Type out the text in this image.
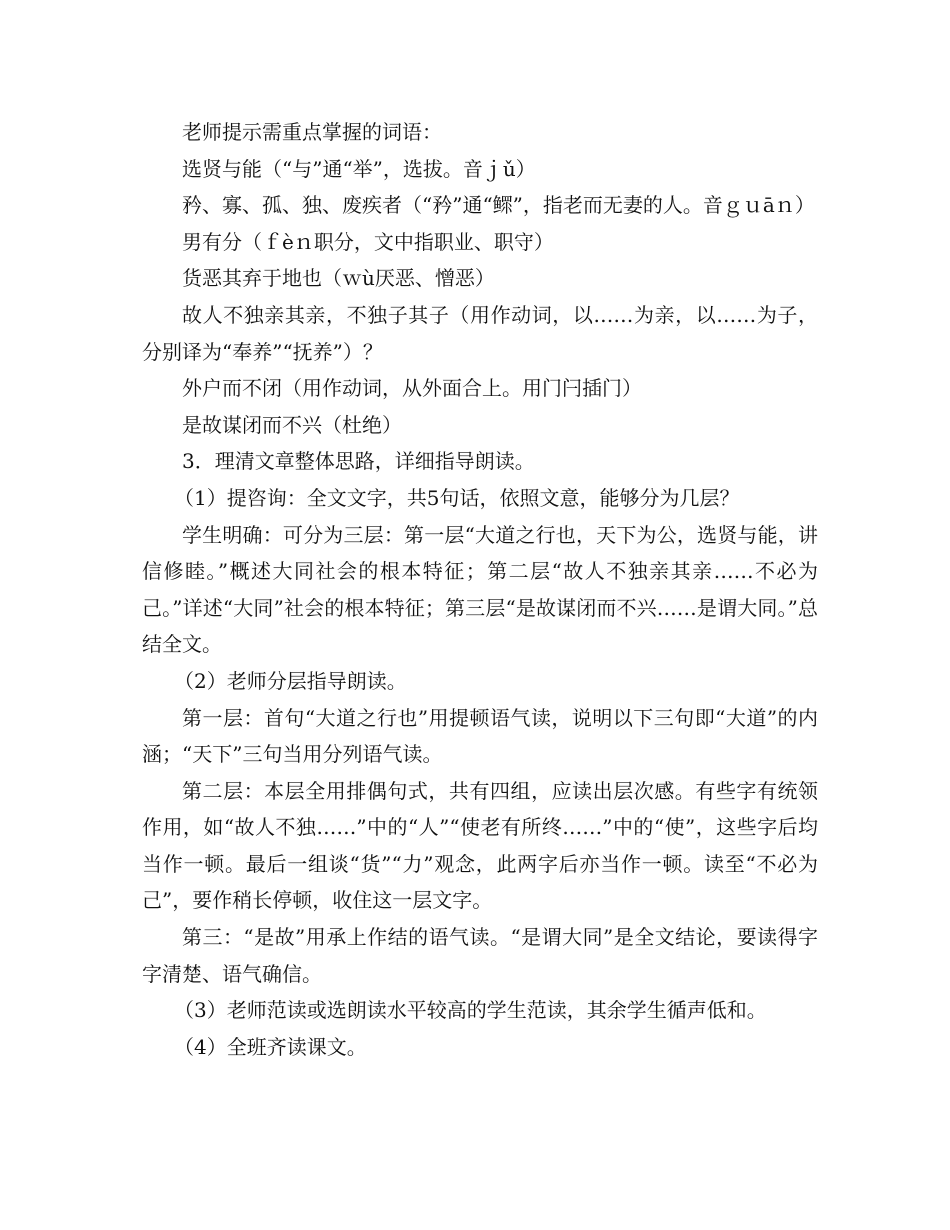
老师提示需重点掌握的词语：

选贤与能（“与”通“举”，选拔。音ｊǔ）

矜、寡、孤、独、废疾者（“矜”通“鳏”，指老而无妻的人。音ｇｕāｎ）

男有分（ｆèｎ职分，文中指职业、职守）

货恶其弃于地也（ｗù厌恶、憎恶）

故人不独亲其亲，不独子其子（用作动词，以……为亲，以……为子，分别译为“奉养”“抚养”）？

外户而不闭（用作动词，从外面合上。用门闩插门）

是故谋闭而不兴（杜绝）

3．理清文章整体思路，详细指导朗读。

（1）提咨询：全文文字，共5句话，依照文意，能够分为几层？

学生明确：可分为三层：第一层“大道之行也，天下为公，选贤与能，讲信修睦。”概述大同社会的根本特征；第二层“故人不独亲其亲……不必为己。”详述“大同”社会的根本特征；第三层“是故谋闭而不兴……是谓大同。”总结全文。

（2）老师分层指导朗读。

第一层：首句“大道之行也”用提顿语气读，说明以下三句即“大道”的内涵；“天下”三句当用分列语气读。

第二层：本层全用排偶句式，共有四组，应读出层次感。有些字有统领作用，如“故人不独……”中的“人”“使老有所终……”中的“使”，这些字后均当作一顿。最后一组谈“货”“力”观念，此两字后亦当作一顿。读至“不必为己”，要作稍长停顿，收住这一层文字。

第三：“是故”用承上作结的语气读。“是谓大同”是全文结论，要读得字字清楚、语气确信。

（3）老师范读或选朗读水平较高的学生范读，其余学生循声低和。

（4）全班齐读课文。
